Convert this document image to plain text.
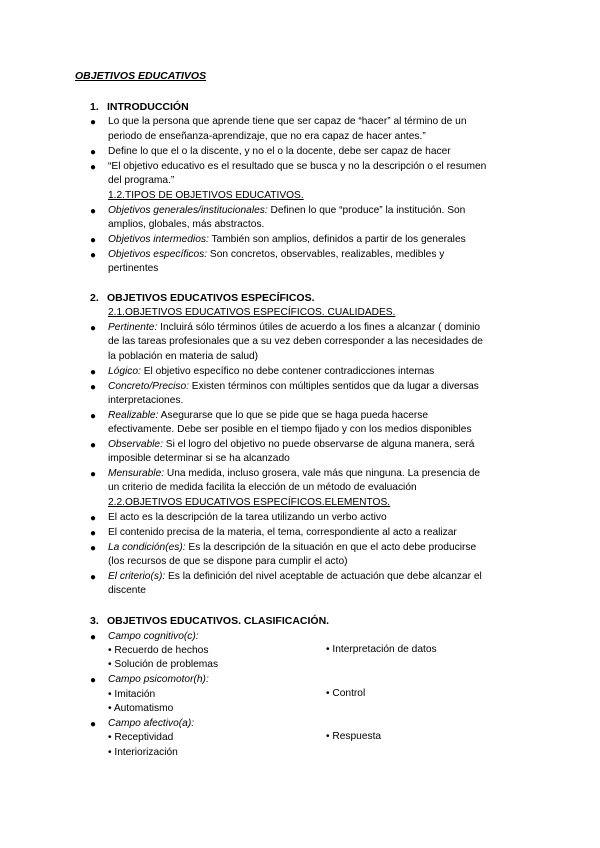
OBJETIVOS EDUCATIVOS
1. INTRODUCCIÓN
● Lo que la persona que aprende tiene que ser capaz de “hacer” al término de un
periodo de enseñanza-aprendizaje, que no era capaz de hacer antes.”
● Define lo que el o la discente, y no el o la docente, debe ser capaz de hacer
● “El objetivo educativo es el resultado que se busca y no la descripción o el resumen
del programa.”
1.2.TIPOS DE OBJETIVOS EDUCATIVOS.
● Objetivos generales/institucionales: Definen lo que “produce” la institución. Son
amplios, globales, más abstractos.
● Objetivos intermedios: También son amplios, definidos a partir de los generales
● Objetivos específicos: Son concretos, observables, realizables, medibles y
pertinentes
2. OBJETIVOS EDUCATIVOS ESPECÍFICOS.
2.1.OBJETIVOS EDUCATIVOS ESPECÍFICOS. CUALIDADES.
● Pertinente: Incluirá sólo términos útiles de acuerdo a los fines a alcanzar ( dominio
de las tareas profesionales que a su vez deben corresponder a las necesidades de
la población en materia de salud)
● Lógico: El objetivo específico no debe contener contradicciones internas
● Concreto/Preciso: Existen términos con múltiples sentidos que da lugar a diversas
interpretaciones.
● Realizable: Asegurarse que lo que se pide que se haga pueda hacerse
efectivamente. Debe ser posible en el tiempo fijado y con los medios disponibles
● Observable: Si el logro del objetivo no puede observarse de alguna manera, será
imposible determinar si se ha alcanzado
● Mensurable: Una medida, incluso grosera, vale más que ninguna. La presencia de
un criterio de medida facilita la elección de un método de evaluación
2.2.OBJETIVOS EDUCATIVOS ESPECÍFICOS.ELEMENTOS.
● El acto es la descripción de la tarea utilizando un verbo activo
● El contenido precisa de la materia, el tema, correspondiente al acto a realizar
● La condición(es): Es la descripción de la situación en que el acto debe producirse
(los recursos de que se dispone para cumplir el acto)
● El criterio(s): Es la definición del nivel aceptable de actuación que debe alcanzar el
discente
3. OBJETIVOS EDUCATIVOS. CLASIFICACIÓN.
● Campo cognitivo(c):
• Recuerdo de hechos	• Interpretación de datos
• Solución de problemas
● Campo psicomotor(h):
• Imitación	• Control
• Automatismo
● Campo afectivo(a):
• Receptividad	• Respuesta
• Interiorización
